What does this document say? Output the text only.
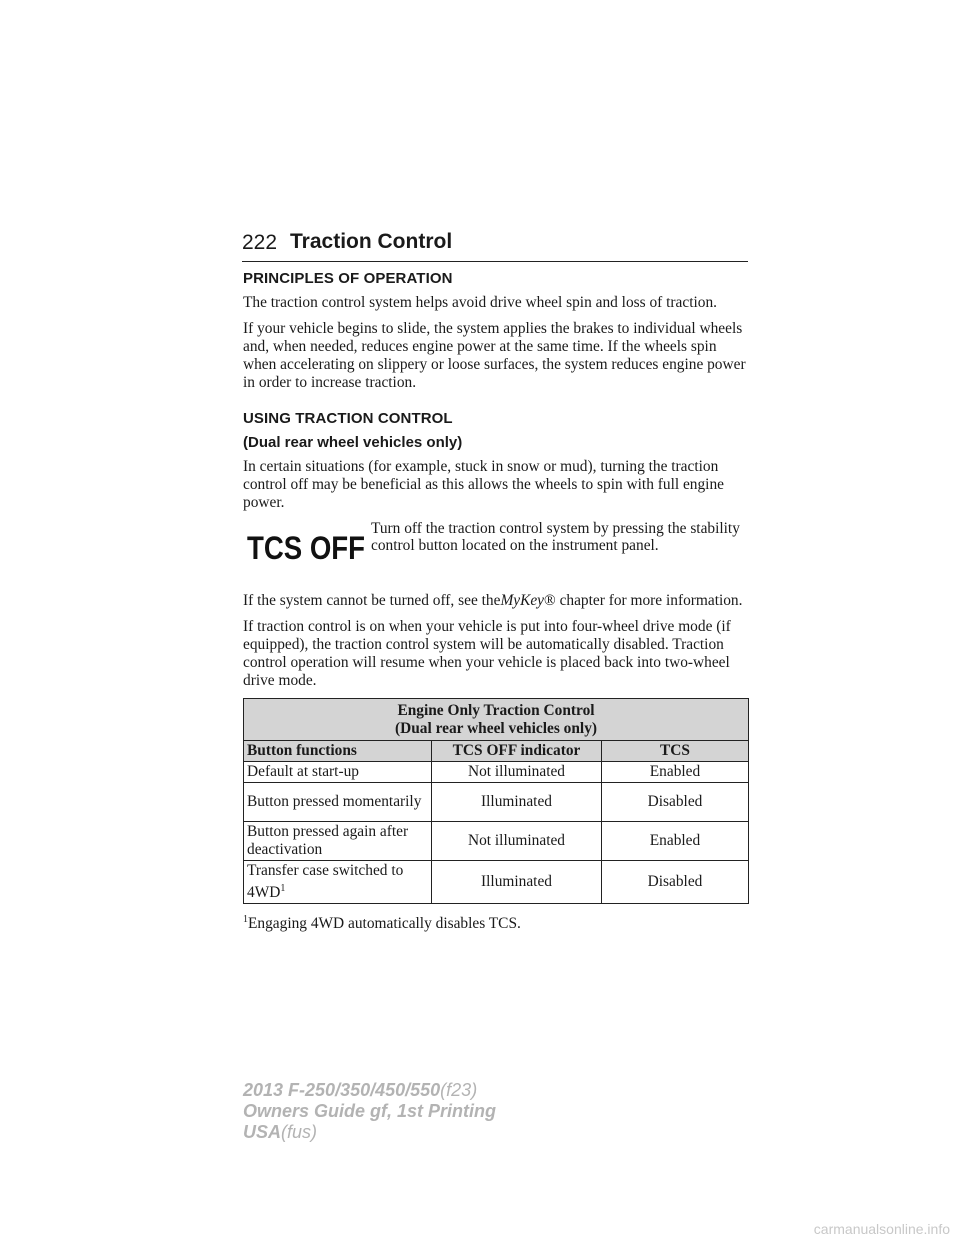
222 Traction Control
PRINCIPLES OF OPERATION

The traction control system helps avoid drive wheel spin and loss of traction.

If your vehicle begins to slide, the system applies the brakes to individual wheels and, when needed, reduces engine power at the same time. If the wheels spin when accelerating on slippery or loose surfaces, the system reduces engine power in order to increase traction.

USING TRACTION CONTROL
(Dual rear wheel vehicles only)

In certain situations (for example, stuck in snow or mud), turning the traction control off may be beneficial as this allows the wheels to spin with full engine power.

TCS OFF
Turn off the traction control system by pressing the stability control button located on the instrument panel.

If the system cannot be turned off, see theMyKey® chapter for more information.

If traction control is on when your vehicle is put into four-wheel drive mode (if equipped), the traction control system will be automatically disabled. Traction control operation will resume when your vehicle is placed back into two-wheel drive mode.

Engine Only Traction Control
(Dual rear wheel vehicles only)		

Button functions	TCS OFF indicator	TCS
Default at start-up	Not illuminated	Enabled
Button pressed momentarily	Illuminated	Disabled
Button pressed again after deactivation	Not illuminated	Enabled
Transfer case switched to $4WD^1$	Illuminated	Disabled
$^1$Engaging 4WD automatically disables TCS.
2013 F-250/350/450/550(f23)
Owners Guide gf, 1st Printing
USA(fus)
carmanualsonline.info
